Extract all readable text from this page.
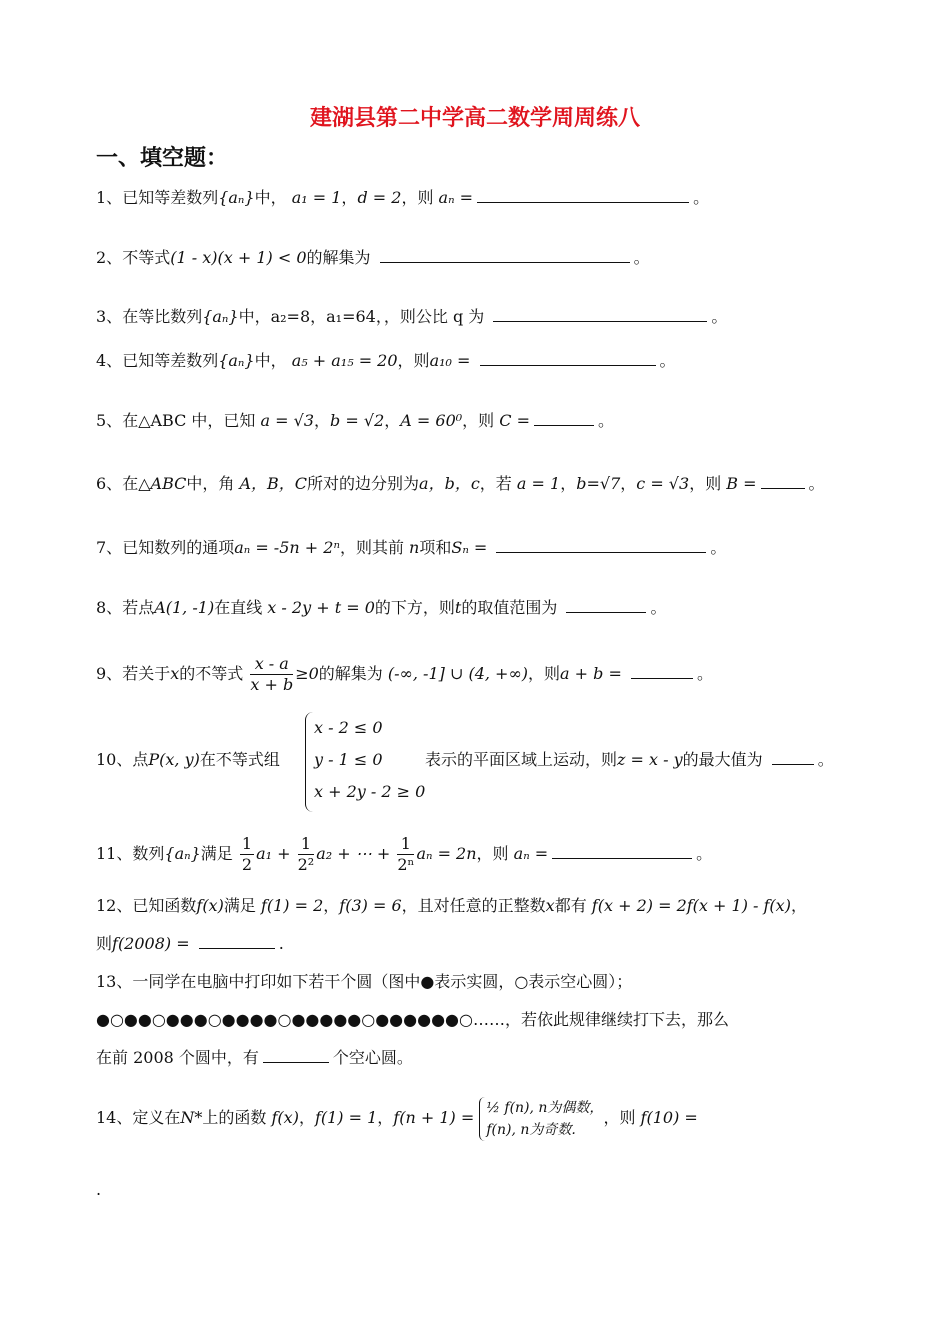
建湖县第二中学高二数学周周练八
一、填空题：
1、已知等差数列{aₙ}中， a₁ = 1，d = 2，则 aₙ =	。
2、不等式(1 - x)(x + 1) < 0的解集为	。
3、在等比数列{aₙ}中，a₂=8，a₁=64，，则公比 q 为	。
4、已知等差数列{aₙ}中， a₅ + a₁₅ = 20，则a₁₀ =	。
5、在△ABC 中，已知 a = √3，b = √2，A = 60⁰，则 C =	。
6、在△ABC中，角 A，B，C所对的边分别为a，b，c，若 a = 1，b=√7，c = √3，则 B =	。
7、已知数列的通项aₙ = -5n + 2ⁿ，则其前 n项和Sₙ =	。
8、若点A(1, -1)在直线 x - 2y + t = 0的下方，则t的取值范围为	。
9、若关于x的不等式 $\frac{x - a}{x + b} \ge 0$的解集为 (-∞, -1] ∪ (4, +∞)，则a + b =	。
10、点P(x, y)在不等式组
x - 2 ≤ 0
y - 1 ≤ 0
x + 2y - 2 ≥ 0
表示的平面区域上运动，则z = x - y的最大值为	。
11、数列{aₙ}满足 $\frac{1}{2} a_1 + \frac{1}{\text{2²}} a_2$ + ⋯ + $\frac{1}{\text{2ⁿ}}$ aₙ = 2n，则 aₙ =	。
12、已知函数f(x)满足 f(1) = 2，f(3) = 6，且对任意的正整数x都有 f(x + 2) = 2f(x + 1) - f(x)，
则f(2008) =	.
13、一同学在电脑中打印如下若干个圆（图中●表示实圆，○表示空心圆）；
●○●●○●●●○●●●●○●●●●●○●●●●●●○……，若依此规律继续打下去，那么
在前 2008 个圆中，有	个空心圆。
14、定义在N*上的函数 f(x)，f(1) = 1，f(n + 1) =
½ f(n), n为偶数，
f(n), n为奇数.
，则 f(10) =
.
